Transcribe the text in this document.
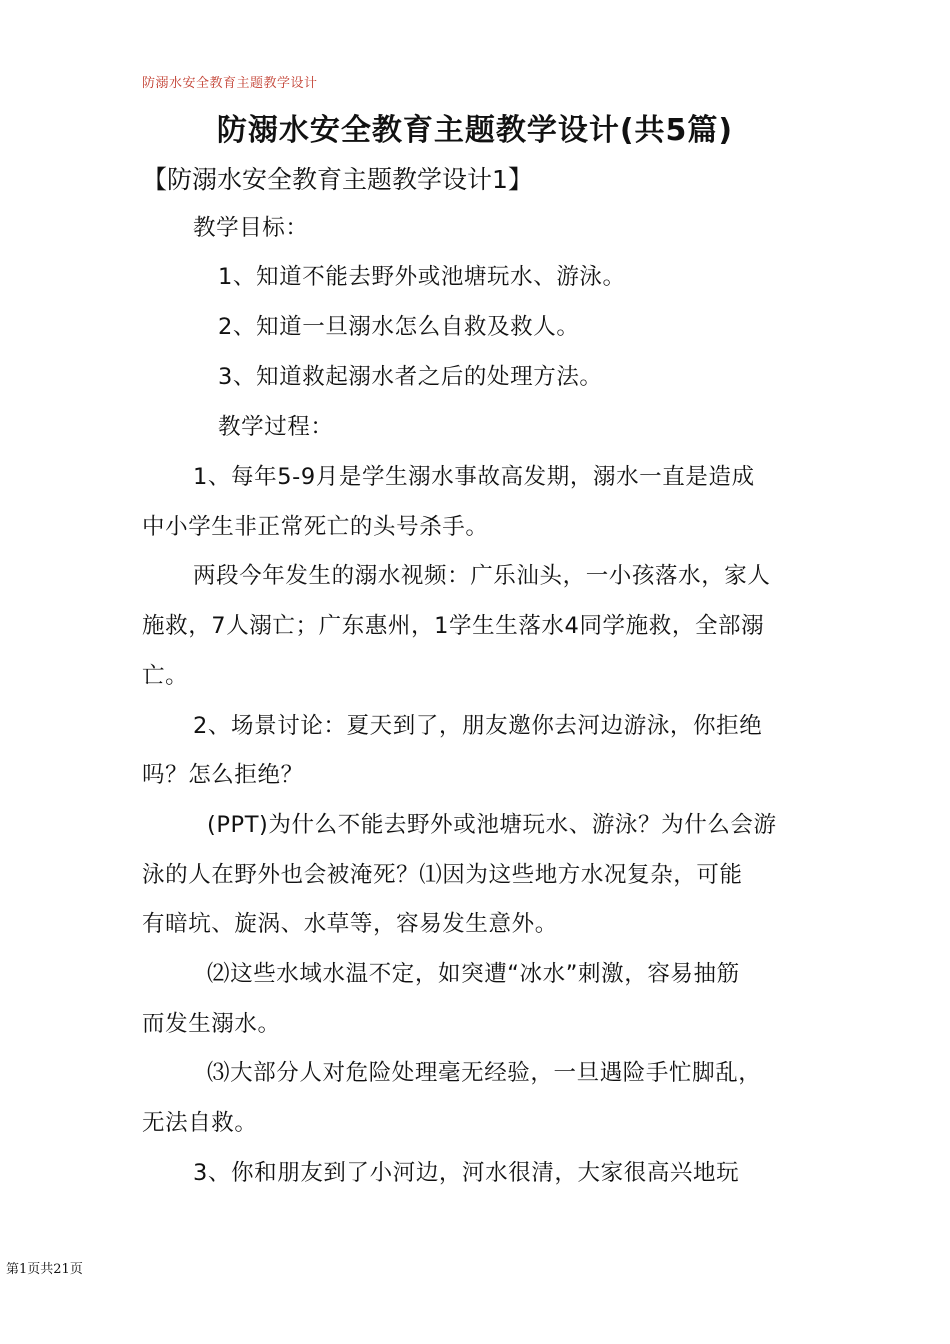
防溺水安全教育主题教学设计
防溺水安全教育主题教学设计(共5篇)
【防溺水安全教育主题教学设计1】
教学目标：
1、知道不能去野外或池塘玩水、游泳。
2、知道一旦溺水怎么自救及救人。
3、知道救起溺水者之后的处理方法。
教学过程：
1、每年5-9月是学生溺水事故高发期，溺水一直是造成
中小学生非正常死亡的头号杀手。
两段今年发生的溺水视频：广乐汕头，一小孩落水，家人
施救，7人溺亡；广东惠州，1学生生落水4同学施救，全部溺
亡。
2、场景讨论：夏天到了，朋友邀你去河边游泳，你拒绝
吗？怎么拒绝？
(PPT)为什么不能去野外或池塘玩水、游泳？为什么会游
泳的人在野外也会被淹死？⑴因为这些地方水况复杂，可能
有暗坑、旋涡、水草等，容易发生意外。
⑵这些水域水温不定，如突遭“冰水”刺激，容易抽筋
而发生溺水。
⑶大部分人对危险处理毫无经验，一旦遇险手忙脚乱，
无法自救。
3、你和朋友到了小河边，河水很清，大家很高兴地玩
第1页共21页
